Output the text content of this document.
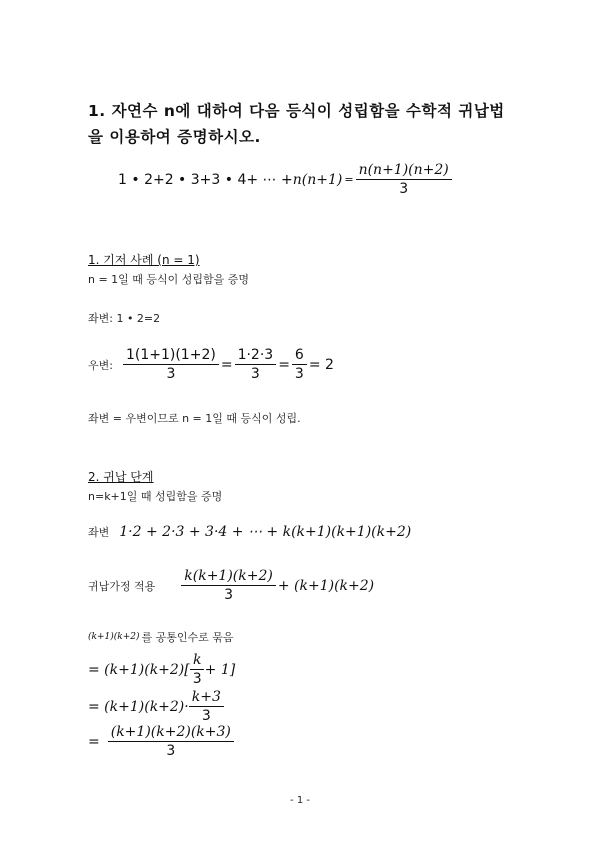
1. 자연수 n에 대하여 다음 등식이 성립함을 수학적 귀납법
을 이용하여 증명하시오.
1 • 2+2 • 3+3 • 4+ ⋯ + $n(n+1) = \frac{n(n+1)(n+2)}{3}$
1. 기저 사례 (n = 1)
n = 1일 때 등식이 성립함을 증명
좌변: 1 • 2=2
우변: $\frac{1(1+1)(1+2)}{3} = \frac{1\cdot 2\cdot 3}{3} = \frac{6}{3} = 2$
좌변 = 우변이므로 n = 1일 때 등식이 성립.
2. 귀납 단계
n=k+1일 때 성립함을 증명
좌변 1·2 + 2·3 + 3·4 + ⋯ + k(k+1)(k+1)(k+2)
귀납가정 적용 $\frac{k(k+1)(k+2)}{3} + (k+1)(k+2)$
(k+1)(k+2) 를 공통인수로 묶음
= $(k+1)(k+2)[ \frac{k}{3} + 1]$
= $(k+1)(k+2)\cdot \frac{k+3}{3}$
= $\frac{(k+1)(k+2)(k+3)}{3}$
- 1 -
